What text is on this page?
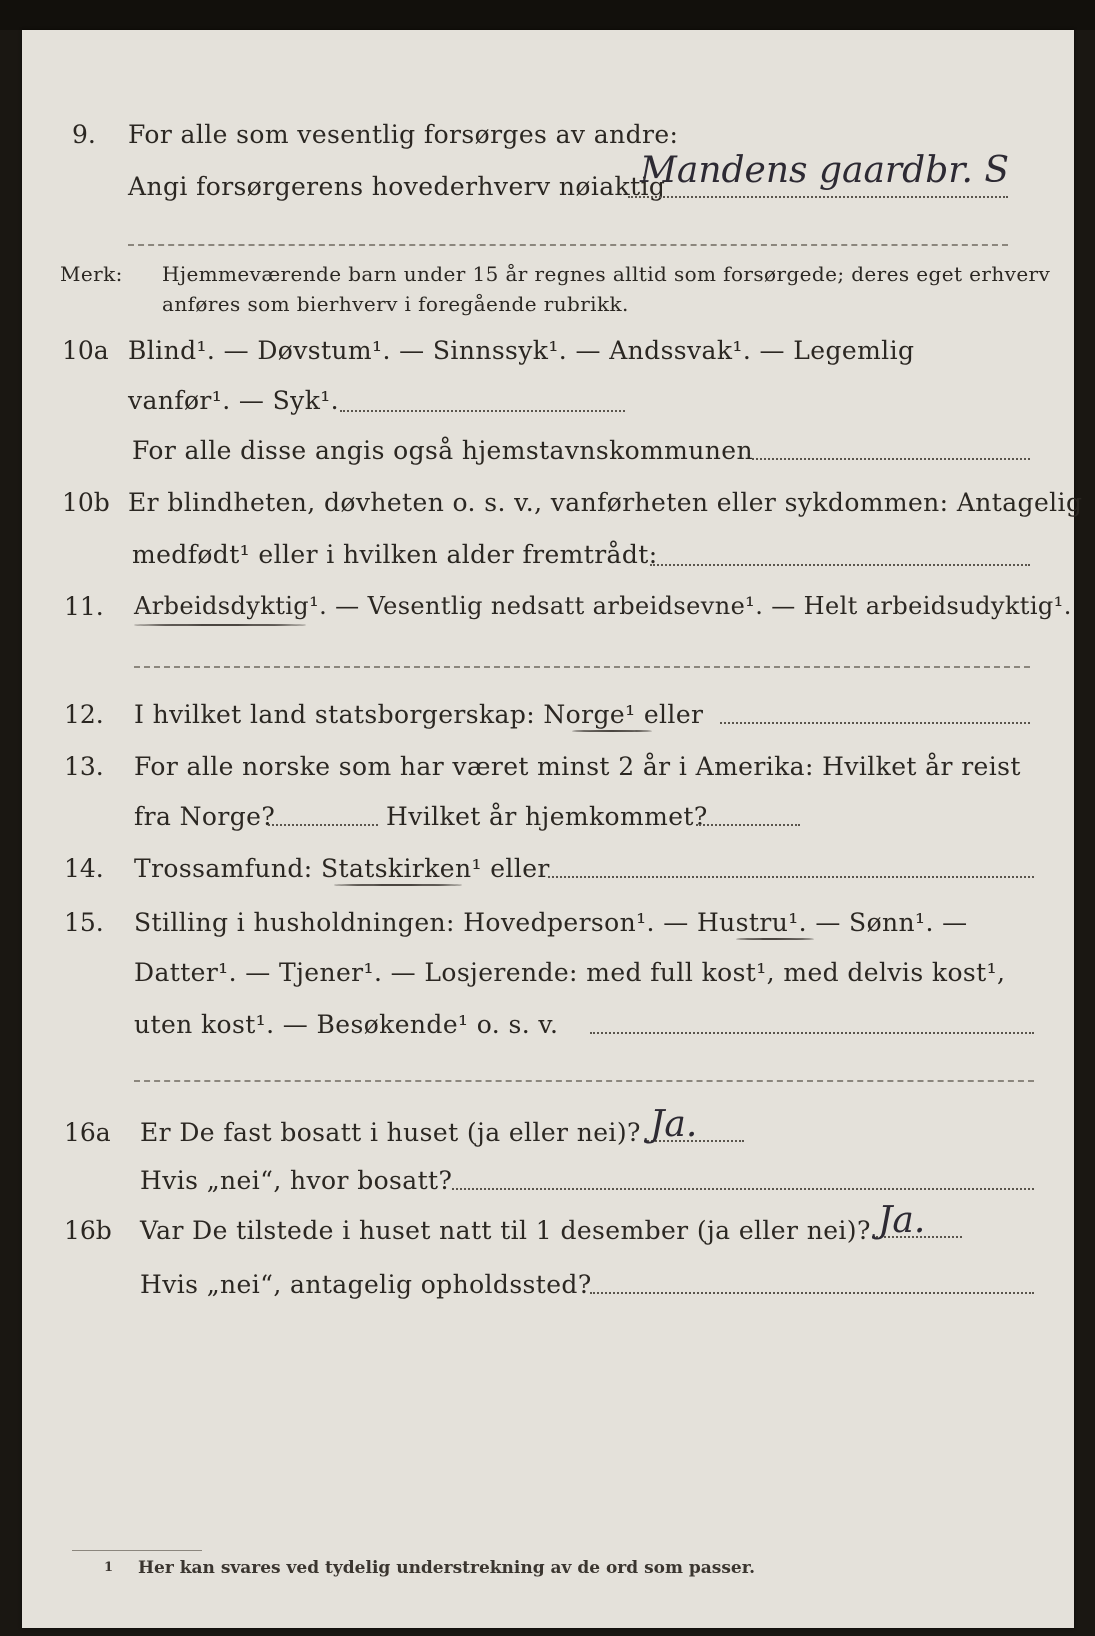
9. For alle som vesentlig forsørges av andre:
Angi forsørgerens hovederhverv nøiaktig
Mandens gaardbr. S
Merk: Hjemmeværende barn under 15 år regnes alltid som forsørgede; deres eget erhverv
anføres som bierhverv i foregående rubrikk.
10a Blind¹. — Døvstum¹. — Sinnssyk¹. — Andssvak¹. — Legemlig
vanfør¹. — Syk¹.
For alle disse angis også hjemstavnskommunen
10b Er blindheten, døvheten o. s. v., vanførheten eller sykdommen: Antagelig
medfødt¹ eller i hvilken alder fremtrådt:
11. Arbeidsdyktig¹. — Vesentlig nedsatt arbeidsevne¹. — Helt arbeidsudyktig¹.
12. I hvilket land statsborgerskap: Norge¹ eller
13. For alle norske som har været minst 2 år i Amerika: Hvilket år reist
fra Norge?	Hvilket år hjemkommet?
14. Trossamfund: Statskirken¹ eller
15. Stilling i husholdningen: Hovedperson¹. — Hustru¹. — Sønn¹. —
Datter¹. — Tjener¹. — Losjerende: med full kost¹, med delvis kost¹,
uten kost¹. — Besøkende¹ o. s. v.
16a Er De fast bosatt i huset (ja eller nei)? Ja.
Hvis „nei“, hvor bosatt?
16b Var De tilstede i huset natt til 1 desember (ja eller nei)? Ja.
Hvis „nei“, antagelig opholdssted?
1 Her kan svares ved tydelig understrekning av de ord som passer.
